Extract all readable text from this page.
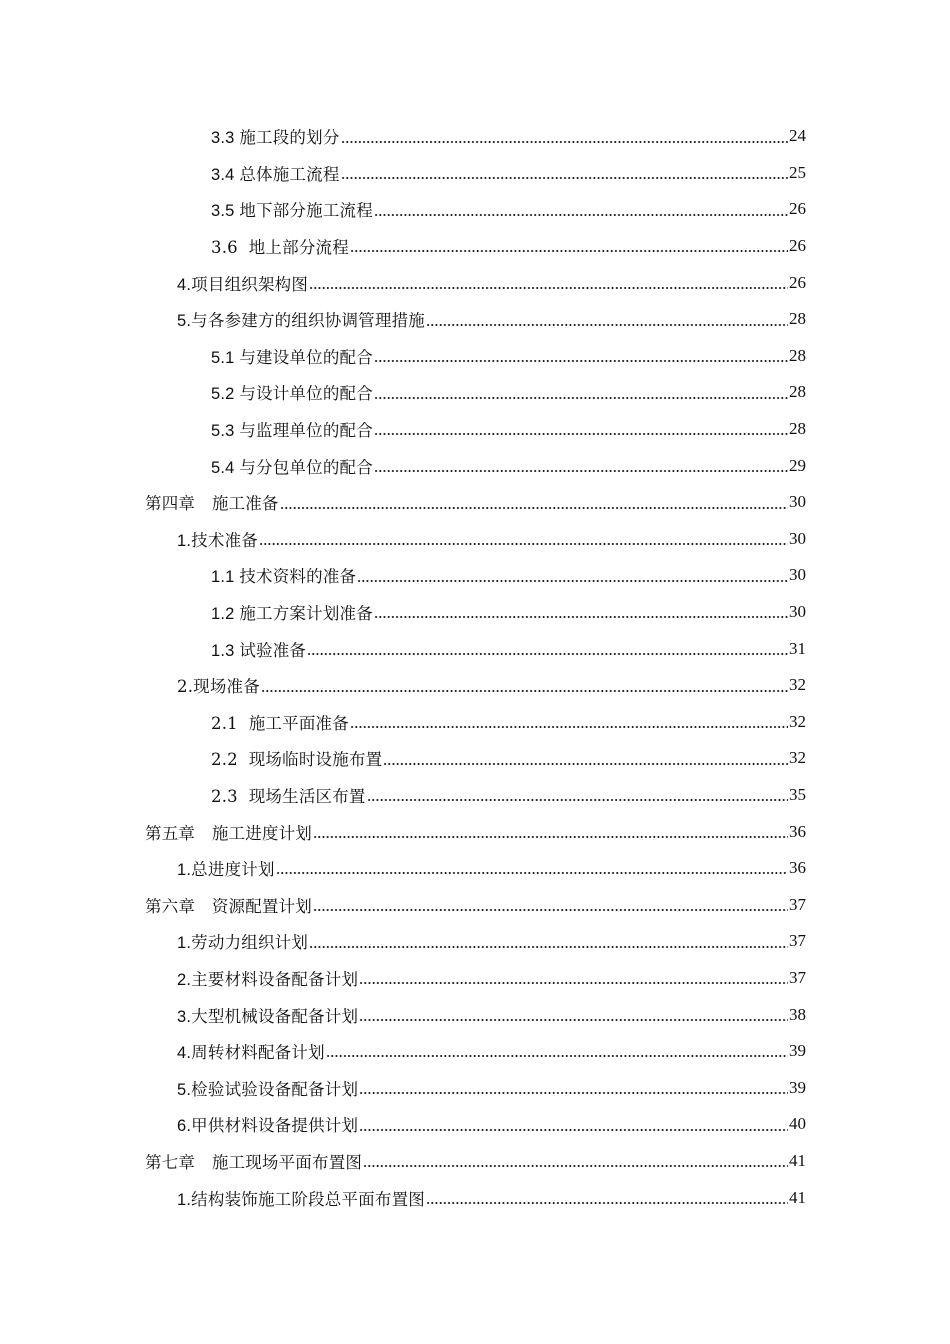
3.3 施工段的划分	24
3.4 总体施工流程	25
3.5 地下部分施工流程	26
3.6  地上部分流程	26
4.项目组织架构图	26
5.与各参建方的组织协调管理措施	28
5.1 与建设单位的配合	28
5.2 与设计单位的配合	28
5.3 与监理单位的配合	28
5.4 与分包单位的配合	29
第四章　施工准备	30
1.技术准备	30
1.1 技术资料的准备	30
1.2 施工方案计划准备	30
1.3 试验准备	31
2.现场准备	32
2.1  施工平面准备	32
2.2  现场临时设施布置	32
2.3  现场生活区布置	35
第五章　施工进度计划	36
1.总进度计划	36
第六章　资源配置计划	37
1.劳动力组织计划	37
2.主要材料设备配备计划	37
3.大型机械设备配备计划	38
4.周转材料配备计划	39
5.检验试验设备配备计划	39
6.甲供材料设备提供计划	40
第七章　施工现场平面布置图	41
1.结构装饰施工阶段总平面布置图	41
